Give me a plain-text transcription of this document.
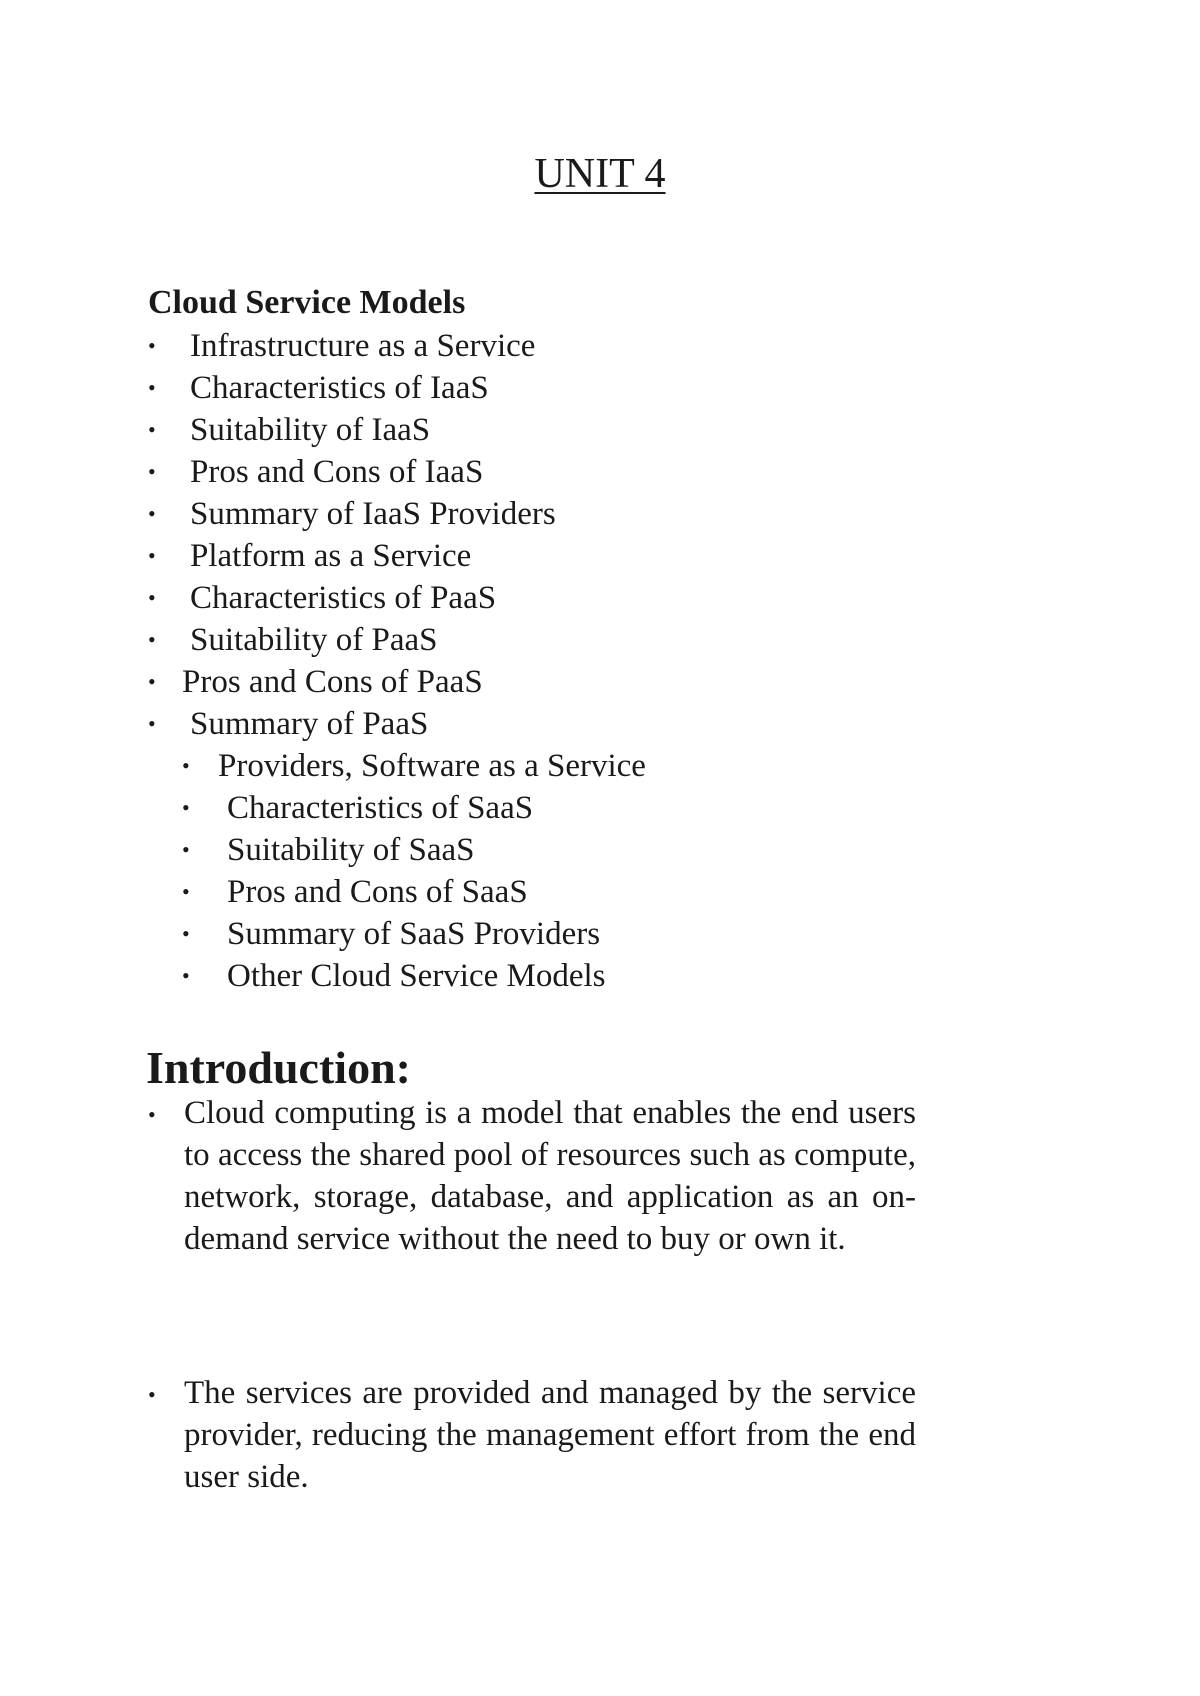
UNIT 4
Cloud Service Models
• Infrastructure as a Service
• Characteristics of IaaS
• Suitability of IaaS
• Pros and Cons of IaaS
• Summary of IaaS Providers
• Platform as a Service
• Characteristics of PaaS
• Suitability of PaaS
• Pros and Cons of PaaS
• Summary of PaaS
• Providers, Software as a Service
• Characteristics of SaaS
• Suitability of SaaS
• Pros and Cons of SaaS
• Summary of SaaS Providers
• Other Cloud Service Models
Introduction:
• Cloud computing is a model that enables the end users to access the shared pool of resources such as compute, network, storage, database, and application as an on-demand service without the need to buy or own it.
• The services are provided and managed by the service provider, reducing the management effort from the end user side.
